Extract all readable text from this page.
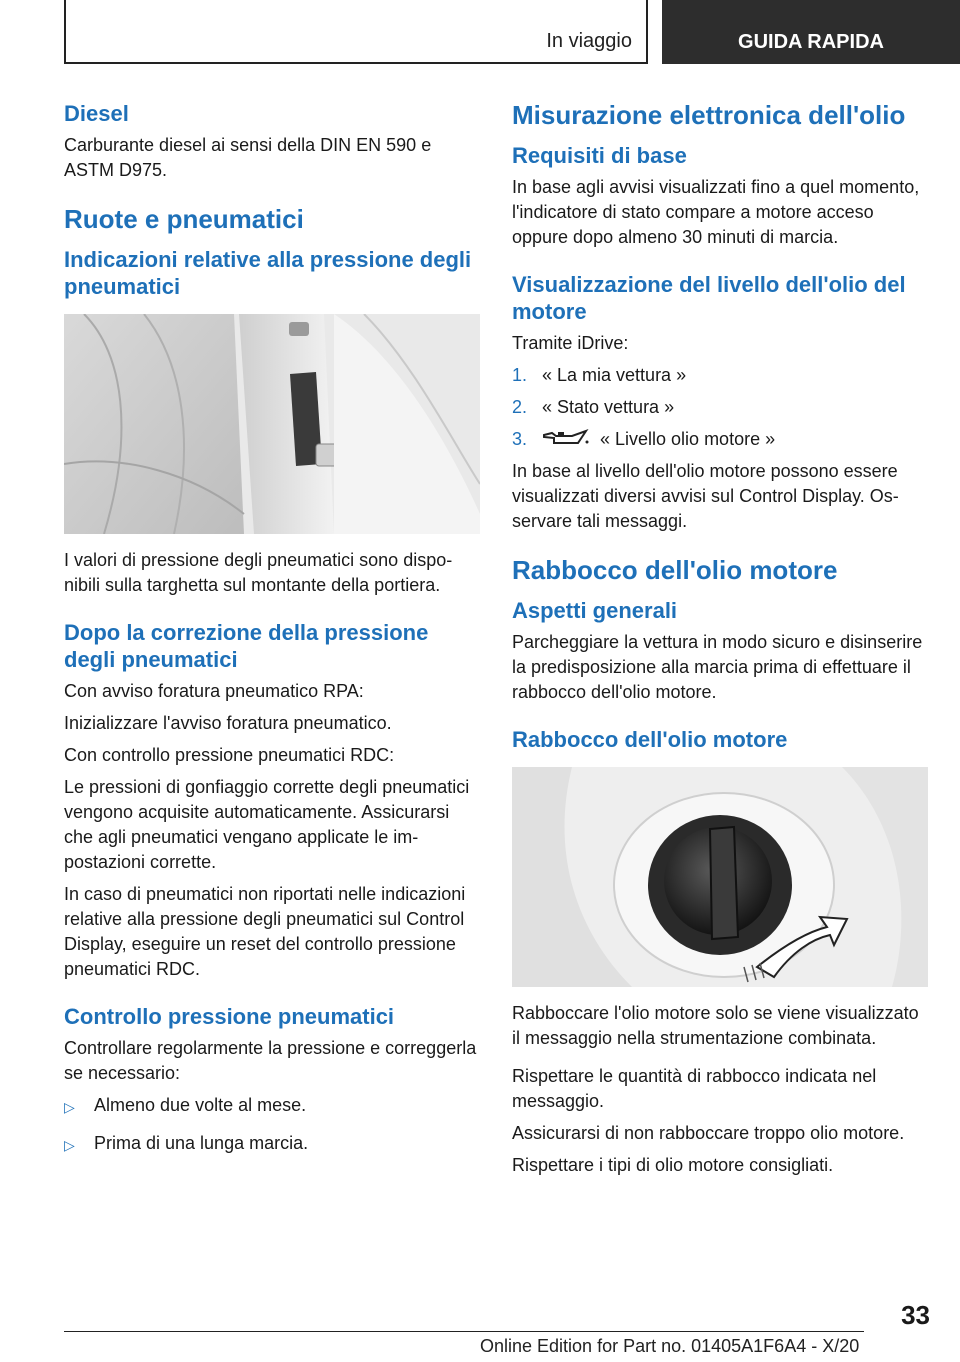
In viaggio	GUIDA RAPIDA
Diesel

Carburante diesel ai sensi della DIN EN 590 e ASTM D975.

Ruote e pneumatici
Indicazioni relative alla pressione degli pneumatici

I valori di pressione degli pneumatici sono disponibili sulla targhetta sul montante della portiera.

Dopo la correzione della pressione degli pneumatici

Con avviso foratura pneumatico RPA:

Inizializzare l'avviso foratura pneumatico.

Con controllo pressione pneumatici RDC:

Le pressioni di gonfiaggio corrette degli pneumatici vengono acquisite automaticamente. Assicurarsi che agli pneumatici vengano applicate le impostazioni corrette.

In caso di pneumatici non riportati nelle indicazioni relative alla pressione degli pneumatici sul Control Display, eseguire un reset del controllo pressione pneumatici RDC.

Controllo pressione pneumatici

Controllare regolarmente la pressione e correggerla se necessario:

▷	Almeno due volte al mese.
▷	Prima di una lunga marcia.
Misurazione elettronica dell'olio
Requisiti di base

In base agli avvisi visualizzati fino a quel momento, l'indicatore di stato compare a motore acceso oppure dopo almeno 30 minuti di marcia.

Visualizzazione del livello dell'olio del motore

Tramite iDrive:

1. « La mia vettura »
2. « Stato vettura »
3.	« Livello olio motore »

In base al livello dell'olio motore possono essere visualizzati diversi avvisi sul Control Display. Osservare tali messaggi.

Rabbocco dell'olio motore
Aspetti generali

Parcheggiare la vettura in modo sicuro e disinserire la predisposizione alla marcia prima di effettuare il rabbocco dell'olio motore.

Rabbocco dell'olio motore

Rabboccare l'olio motore solo se viene visualizzato il messaggio nella strumentazione combinata.

Rispettare le quantità di rabbocco indicata nel messaggio.

Assicurarsi di non rabboccare troppo olio motore.

Rispettare i tipi di olio motore consigliati.

33
Online Edition for Part no. 01405A1F6A4 - X/20
